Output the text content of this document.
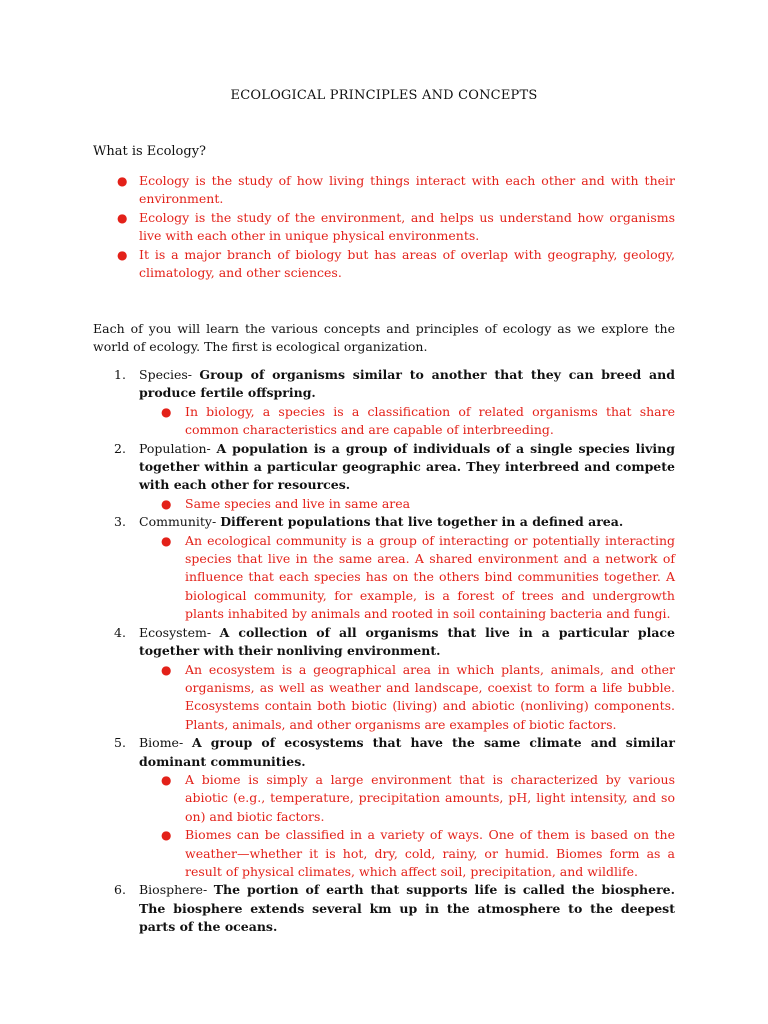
ECOLOGICAL PRINCIPLES AND CONCEPTS
What is Ecology?
● Ecology is the study of how living things interact with each other and with their environment.
● Ecology is the study of the environment, and helps us understand how organisms live with each other in unique physical environments.
● It is a major branch of biology but has areas of overlap with geography, geology, climatology, and other sciences.
Each of you will learn the various concepts and principles of ecology as we explore the world of ecology. The first is ecological organization.
1. Species- Group of organisms similar to another that they can breed and produce fertile offspring.
● In biology, a species is a classification of related organisms that share common characteristics and are capable of interbreeding.
2. Population- A population is a group of individuals of a single species living together within a particular geographic area. They interbreed and compete with each other for resources.
● Same species and live in same area
3. Community- Different populations that live together in a defined area.
● An ecological community is a group of interacting or potentially interacting species that live in the same area. A shared environment and a network of influence that each species has on the others bind communities together. A biological community, for example, is a forest of trees and undergrowth plants inhabited by animals and rooted in soil containing bacteria and fungi.
4. Ecosystem- A collection of all organisms that live in a particular place together with their nonliving environment.
● An ecosystem is a geographical area in which plants, animals, and other organisms, as well as weather and landscape, coexist to form a life bubble. Ecosystems contain both biotic (living) and abiotic (nonliving) components. Plants, animals, and other organisms are examples of biotic factors.
5. Biome- A group of ecosystems that have the same climate and similar dominant communities.
● A biome is simply a large environment that is characterized by various abiotic (e.g., temperature, precipitation amounts, pH, light intensity, and so on) and biotic factors.
● Biomes can be classified in a variety of ways. One of them is based on the weather—whether it is hot, dry, cold, rainy, or humid. Biomes form as a result of physical climates, which affect soil, precipitation, and wildlife.
6. Biosphere- The portion of earth that supports life is called the biosphere. The biosphere extends several km up in the atmosphere to the deepest parts of the oceans.
